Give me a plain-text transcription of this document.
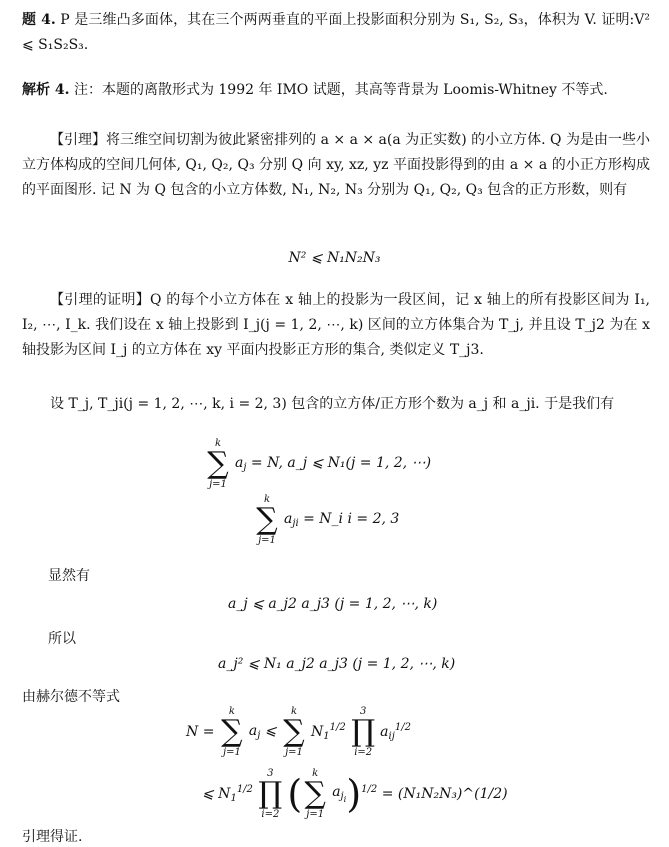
题 4. P 是三维凸多面体，其在三个两两垂直的平面上投影面积分别为 S₁, S₂, S₃，体积为 V. 证明:V² ⩽ S₁S₂S₃.
解析 4. 注：本题的离散形式为 1992 年 IMO 试题，其高等背景为 Loomis-Whitney 不等式.
【引理】将三维空间切割为彼此紧密排列的 a × a × a(a 为正实数) 的小立方体. Q 为是由一些小立方体构成的空间几何体, Q₁, Q₂, Q₃ 分别 Q 向 xy, xz, yz 平面投影得到的由 a × a 的小正方形构成的平面图形. 记 N 为 Q 包含的小立方体数, N₁, N₂, N₃ 分别为 Q₁, Q₂, Q₃ 包含的正方形数，则有
N² ⩽ N₁N₂N₃
【引理的证明】Q 的每个小立方体在 x 轴上的投影为一段区间，记 x 轴上的所有投影区间为 I₁, I₂, ⋯, I_k. 我们设在 x 轴上投影到 I_j(j = 1, 2, ⋯, k) 区间的立方体集合为 T_j, 并且设 T_j2 为在 x 轴投影为区间 I_j 的立方体在 xy 平面内投影正方形的集合, 类似定义 T_j3.
设 T_j, T_ji(j = 1, 2, ⋯, k, i = 2, 3) 包含的立方体/正方形个数为 a_j 和 a_ji. 于是我们有
k
∑
j=1
$a_j = N$, a_j ⩽ N₁(j = 1, 2, ⋯)
k
∑
j=1
$a_{ji}$ = N_i i = 2, 3
显然有
a_j ⩽ a_j2 a_j3 (j = 1, 2, ⋯, k)
所以
a_j² ⩽ N₁ a_j2 a_j3 (j = 1, 2, ⋯, k)
由赫尔德不等式
N =
k
∑
j=1
$a_j$ ⩽
k
∑
j=1
$N_1^{1/2}$
3
∏
i=2
$a_{ij}^{1/2}$
⩽ $N_1^{1/2}$
3
∏
i=2 ( k
∑
j=1
$a_{j_i})^{1/2}$ = (N₁N₂N₃)^(1/2)
引理得证.
